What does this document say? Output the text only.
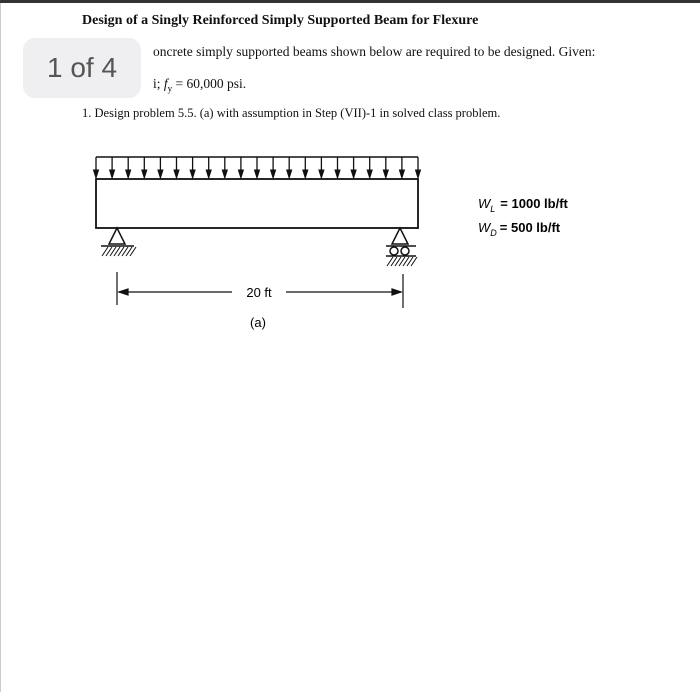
Design of a Singly Reinforced Simply Supported Beam for Flexure
oncrete simply supported beams shown below are required to be designed. Given:
i; $f_y = 60,000$ psi.
1. Design problem 5.5. (a) with assumption in Step (VII)-1 in solved class problem.
1 of 4
20 ft
(a)
$W_L = 1000$ lb/ft
$W_D = 500$ lb/ft
